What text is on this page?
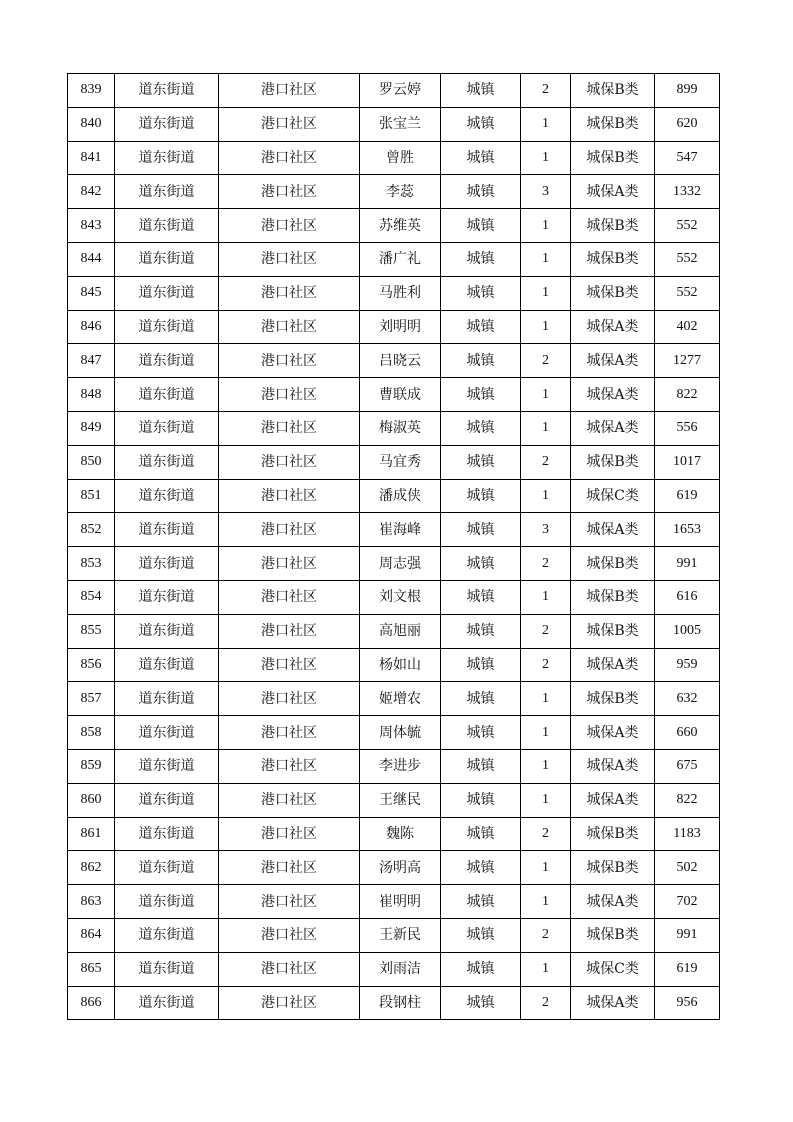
839	道东街道	港口社区	罗云婷	城镇	2	城保B类	899
840	道东街道	港口社区	张宝兰	城镇	1	城保B类	620
841	道东街道	港口社区	曾胜	城镇	1	城保B类	547
842	道东街道	港口社区	李蕊	城镇	3	城保A类	1332
843	道东街道	港口社区	苏维英	城镇	1	城保B类	552
844	道东街道	港口社区	潘广礼	城镇	1	城保B类	552
845	道东街道	港口社区	马胜利	城镇	1	城保B类	552
846	道东街道	港口社区	刘明明	城镇	1	城保A类	402
847	道东街道	港口社区	吕晓云	城镇	2	城保A类	1277
848	道东街道	港口社区	曹联成	城镇	1	城保A类	822
849	道东街道	港口社区	梅淑英	城镇	1	城保A类	556
850	道东街道	港口社区	马宜秀	城镇	2	城保B类	1017
851	道东街道	港口社区	潘成侠	城镇	1	城保C类	619
852	道东街道	港口社区	崔海峰	城镇	3	城保A类	1653
853	道东街道	港口社区	周志强	城镇	2	城保B类	991
854	道东街道	港口社区	刘文根	城镇	1	城保B类	616
855	道东街道	港口社区	高旭丽	城镇	2	城保B类	1005
856	道东街道	港口社区	杨如山	城镇	2	城保A类	959
857	道东街道	港口社区	姬增农	城镇	1	城保B类	632
858	道东街道	港口社区	周体毓	城镇	1	城保A类	660
859	道东街道	港口社区	李进步	城镇	1	城保A类	675
860	道东街道	港口社区	王继民	城镇	1	城保A类	822
861	道东街道	港口社区	魏陈	城镇	2	城保B类	1183
862	道东街道	港口社区	汤明高	城镇	1	城保B类	502
863	道东街道	港口社区	崔明明	城镇	1	城保A类	702
864	道东街道	港口社区	王新民	城镇	2	城保B类	991
865	道东街道	港口社区	刘雨洁	城镇	1	城保C类	619
866	道东街道	港口社区	段钢柱	城镇	2	城保A类	956
